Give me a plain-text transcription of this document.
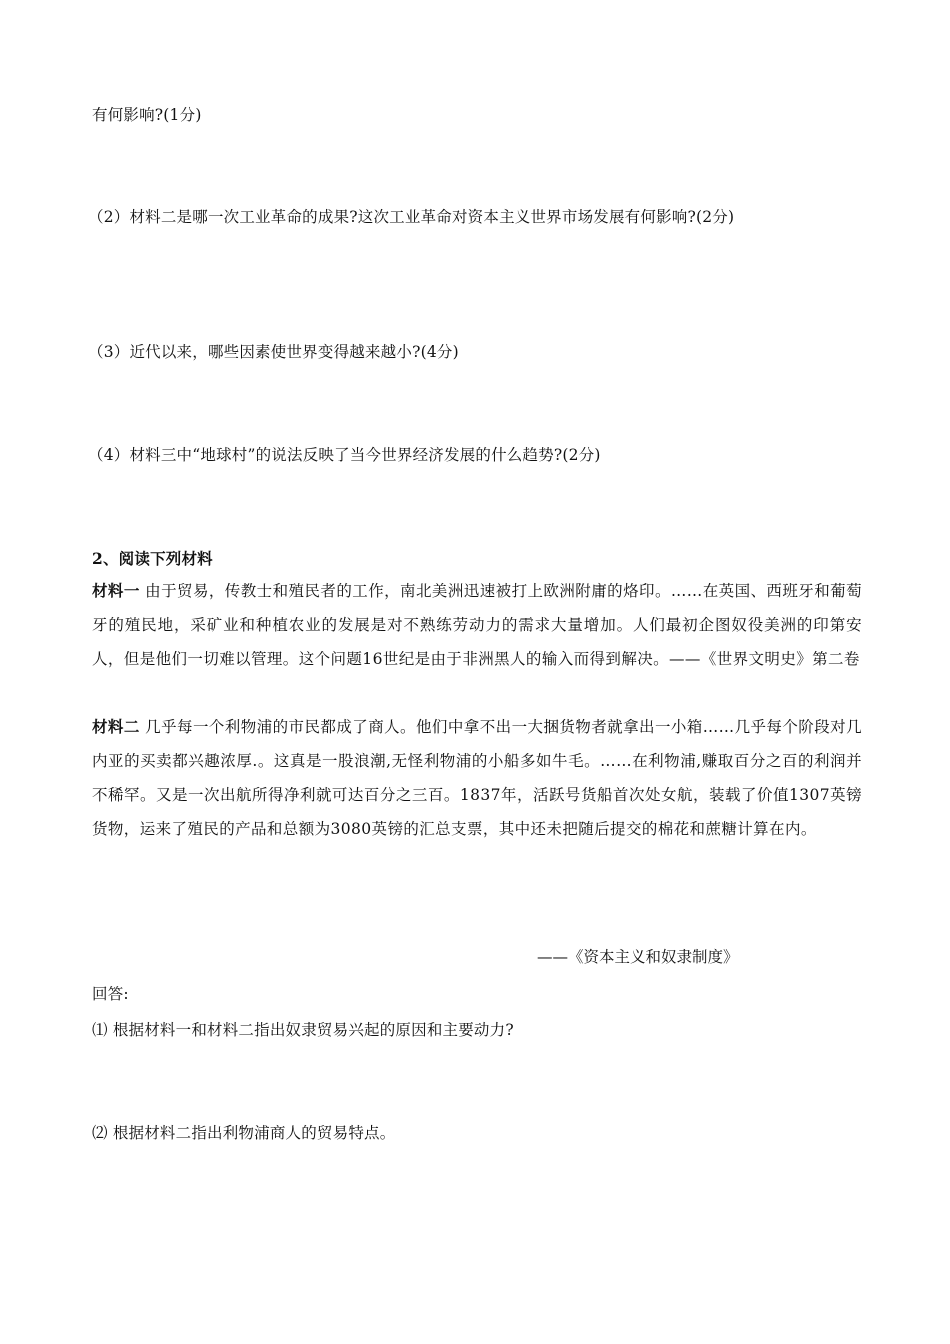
有何影响?(1分)
（2）材料二是哪一次工业革命的成果?这次工业革命对资本主义世界市场发展有何影响?(2分)
（3）近代以来，哪些因素使世界变得越来越小?(4分)
（4）材料三中“地球村”的说法反映了当今世界经济发展的什么趋势?(2分)
2、阅读下列材料
材料一 由于贸易，传教士和殖民者的工作，南北美洲迅速被打上欧洲附庸的烙印。……在英国、西班牙和葡萄牙的殖民地，采矿业和种植农业的发展是对不熟练劳动力的需求大量增加。人们最初企图奴役美洲的印第安人，但是他们一切难以管理。这个问题16世纪是由于非洲黑人的输入而得到解决。——《世界文明史》第二卷
材料二 几乎每一个利物浦的市民都成了商人。他们中拿不出一大捆货物者就拿出一小箱……几乎每个阶段对几内亚的买卖都兴趣浓厚.。这真是一股浪潮,无怪利物浦的小船多如牛毛。……在利物浦,赚取百分之百的利润并不稀罕。又是一次出航所得净利就可达百分之三百。1837年，活跃号货船首次处女航，装载了价值1307英镑货物，运来了殖民的产品和总额为3080英镑的汇总支票，其中还未把随后提交的棉花和蔗糖计算在内。
——《资本主义和奴隶制度》
回答:
⑴ 根据材料一和材料二指出奴隶贸易兴起的原因和主要动力?
⑵ 根据材料二指出利物浦商人的贸易特点。
